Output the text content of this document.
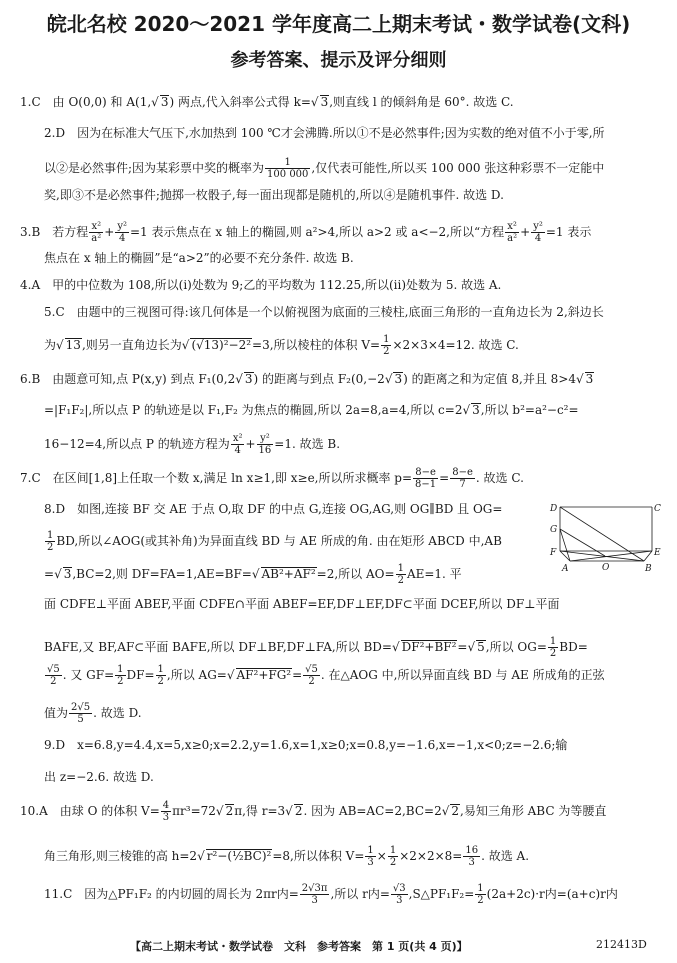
皖北名校 2020～2021 学年度高二上期末考试・数学试卷(文科)
参考答案、提示及评分细则
1.C　由 O(0,0) 和 A(1,√ 3) 两点,代入斜率公式得 k=√ 3,则直线 l 的倾斜角是 60°. 故选 C.
2.D　因为在标准大气压下,水加热到 100 ℃才会沸腾.所以①不是必然事件;因为实数的绝对值不小于零,所
以②是必然事件;因为某彩票中奖的概率为 $\frac{1}{100 000}$ ,仅代表可能性,所以买 100 000 张这种彩票不一定能中
奖,即③不是必然事件;抛掷一枚骰子,每一面出现都是随机的,所以④是随机事件. 故选 D.
3.B　若方程 $\frac{\text{x²}}{\text{a²}} + \frac{\text{y²}}{4} =1$ 表示焦点在 x 轴上的椭圆,则 a²>4,所以 a>2 或 a<−2,所以“方程 $\frac{\text{x²}}{\text{a²}} + \frac{\text{y²}}{4} =1$ 表示
焦点在 x 轴上的椭圆”是“a>2”的必要不充分条件. 故选 B.
4.A　甲的中位数为 108,所以(i)处数为 9;乙的平均数为 112.25,所以(ii)处数为 5. 故选 A.
5.C　由题中的三视图可得:该几何体是一个以俯视图为底面的三棱柱,底面三角形的一直角边长为 2,斜边长
为√ 13,则另一直角边长为√ (√13)²−2²=3,所以棱柱的体积 $V= \frac{1}{2} \times 2\times 3\times 4=12$. 故选 C.
6.B　由题意可知,点 P(x,y) 到点 F₁(0,2√ 3) 的距离与到点 F₂(0,−2√ 3) 的距离之和为定值 8,并且 8>4√ 3
=|F₁F₂|,所以点 P 的轨迹是以 F₁,F₂ 为焦点的椭圆,所以 2a=8,a=4,所以 c=2√ 3,所以 b²=a²−c²=
16−12=4,所以点 P 的轨迹方程为 $\frac{\text{x²}}{4} + \frac{\text{y²}}{16} =1$. 故选 B.
7.C　在区间[1,8]上任取一个数 x,满足 ln x≥1,即 x≥e,所以所求概率 $p= \frac{8-e}{8-1} = \frac{8-e}{7}$ . 故选 C.
8.D　如图,连接 BF 交 AE 于点 O,取 DF 的中点 G,连接 OG,AG,则 OG∥BD 且 OG=
$\frac{1}{2}$ BD,所以∠AOG(或其补角)为异面直线 BD 与 AE 所成的角. 由在矩形 ABCD 中,AB
=√ 3,BC=2,则 DF=FA=1,AE=BF=√ AB²+AF²=2,所以 $AO= \frac{1}{2} AE=1$. 平
面 CDFE⊥平面 ABEF,平面 CDFE∩平面 ABEF=EF,DF⊥EF,DF⊂平面 DCEF,所以 DF⊥平面
BAFE,又 BF,AF⊂平面 BAFE,所以 DF⊥BF,DF⊥FA,所以 BD=√ DF²+BF²=√ 5,所以 $OG= \frac{1}{2} BD=$
$\frac{√5}{2}$ . 又 $GF= \frac{1}{2} DF= \frac{1}{2}$ ,所以 AG=√ $AF^2+FG^2= \frac{√5}{2}$ . 在△AOG 中,所以异面直线 BD 与 AE 所成角的正弦
值为 $\frac{2√5}{5}$ . 故选 D.
9.D　x=6.8,y=4.4,x=5,x≥0;x=2.2,y=1.6,x=1,x≥0;x=0.8,y=−1.6,x=−1,x<0;z=−2.6;输
出 z=−2.6. 故选 D.
10.A　由球 O 的体积 $V= \frac{4}{3} \pi r^3=72√$ 2π,得 r=3√ 2. 因为 AB=AC=2,BC=2√ 2,易知三角形 ABC 为等腰直
角三角形,则三棱锥的高 h=2√ r²−(½BC)²=8,所以体积 $V= \frac{1}{3} \times \frac{1}{2} \times 2\times 2\times 8= \frac{16}{3}$ . 故选 A.
11.C　因为△PF₁F₂ 的内切圆的周长为 2πr内= $\frac{2√3\pi}{3}$ ,所以 r内= $\frac{√3}{3}$ ,S△PF₁F₂= $\frac{1}{2} (2a+2c)\cdot r$内=(a+c)r内
D	C
G
F
O
E
A	B
【高二上期末考试・数学试卷　文科　参考答案　第 1 页(共 4 页)】	212413D
